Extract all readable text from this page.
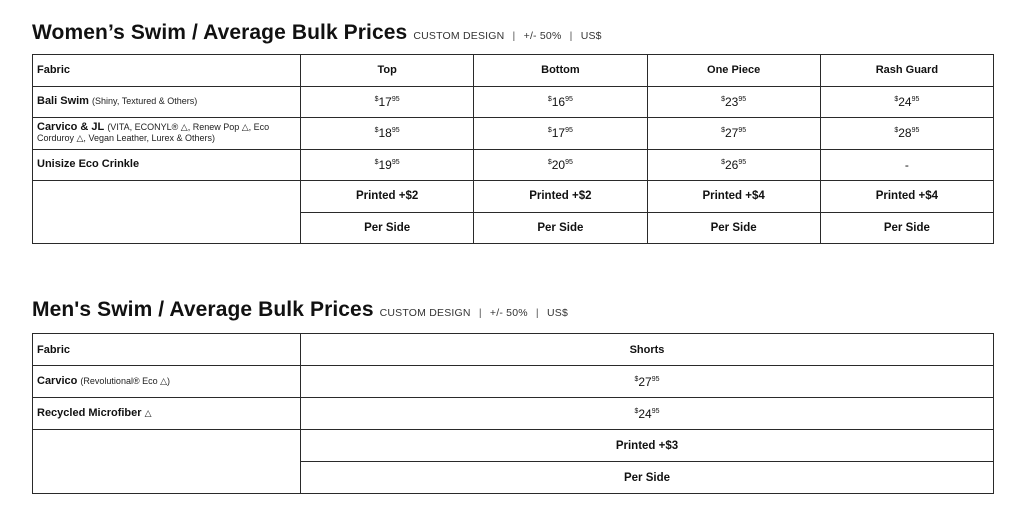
Women’s Swim / Average Bulk Prices CUSTOM DESIGN | +/- 50% | US$
Fabric	Top	Bottom	One Piece	Rash Guard
Bali Swim (Shiny, Textured & Others)	$^{\$}17^{95}$	$^{\$}16^{95}$	$^{\$}23^{95}$	$^{\$}24^{95}$
Carvico & JL (VITA, ECONYL® △, Renew Pop △, Eco Corduroy △, Vegan Leather, Lurex & Others)	$^{\$}18^{95}$	$^{\$}17^{95}$	$^{\$}27^{95}$	$^{\$}28^{95}$
Unisize Eco Crinkle	$^{\$}19^{95}$	$^{\$}20^{95}$	$^{\$}26^{95}$	-
	Printed +$2	Printed +$2	Printed +$4	Printed +$4
	Per Side	Per Side	Per Side	Per Side
Men's Swim / Average Bulk Prices CUSTOM DESIGN | +/- 50% | US$
Fabric	Shorts
Carvico (Revolutional® Eco △)	$^{\$}27^{95}$
Recycled Microfiber △	$^{\$}24^{95}$
	Printed +$3
	Per Side
